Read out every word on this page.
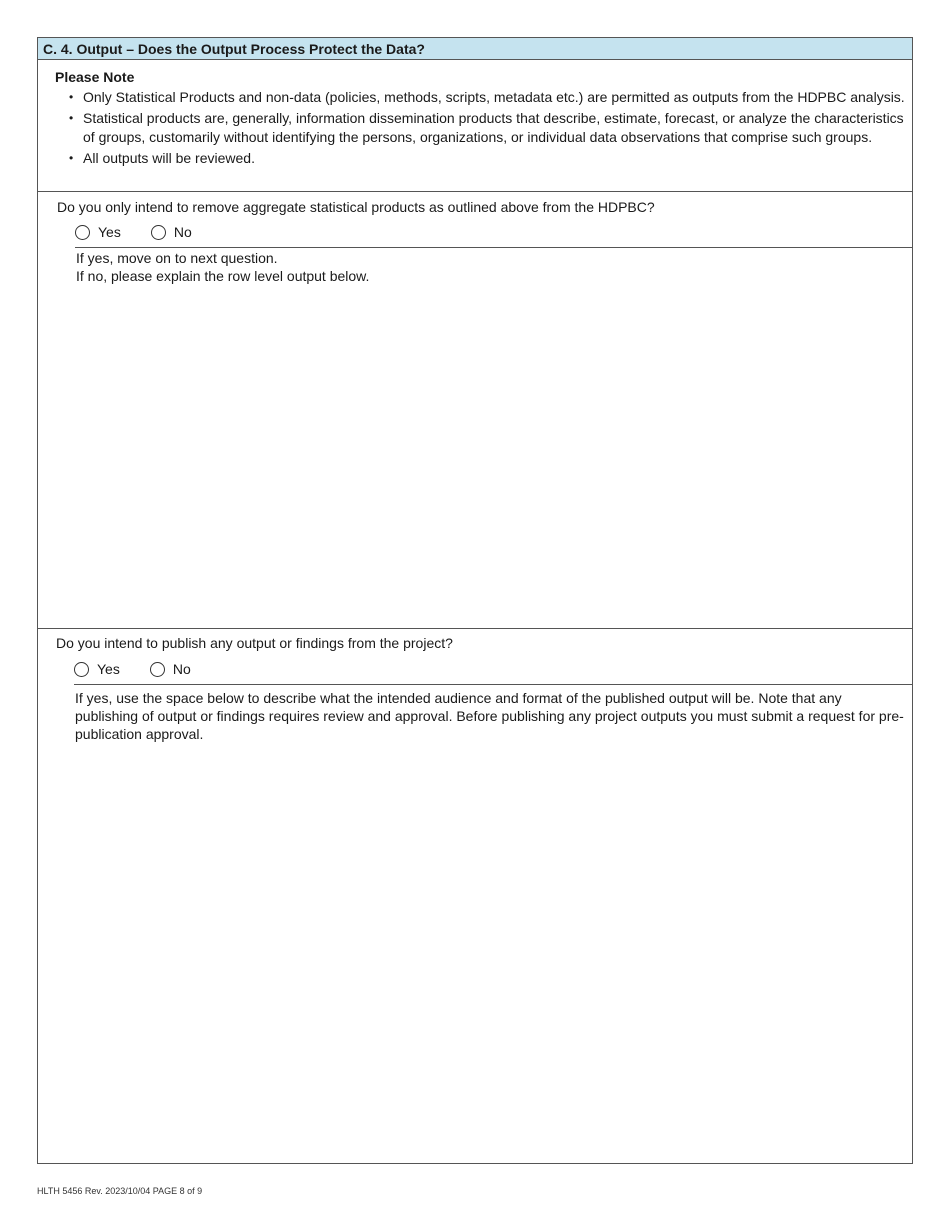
C. 4. Output – Does the Output Process Protect the Data?
Please Note
• Only Statistical Products and non-data (policies, methods, scripts, metadata etc.) are permitted as outputs from the HDPBC analysis.
• Statistical products are, generally, information dissemination products that describe, estimate, forecast, or analyze the characteristics of groups, customarily without identifying the persons, organizations, or individual data observations that comprise such groups.
• All outputs will be reviewed.
Do you only intend to remove aggregate statistical products as outlined above from the HDPBC?
Yes	No
If yes, move on to next question.
If no, please explain the row level output below.
Do you intend to publish any output or findings from the project?
Yes	No
If yes, use the space below to describe what the intended audience and format of the published output will be. Note that any publishing of output or findings requires review and approval. Before publishing any project outputs you must submit a request for pre-publication approval.
HLTH 5456 Rev. 2023/10/04 PAGE 8 of 9
